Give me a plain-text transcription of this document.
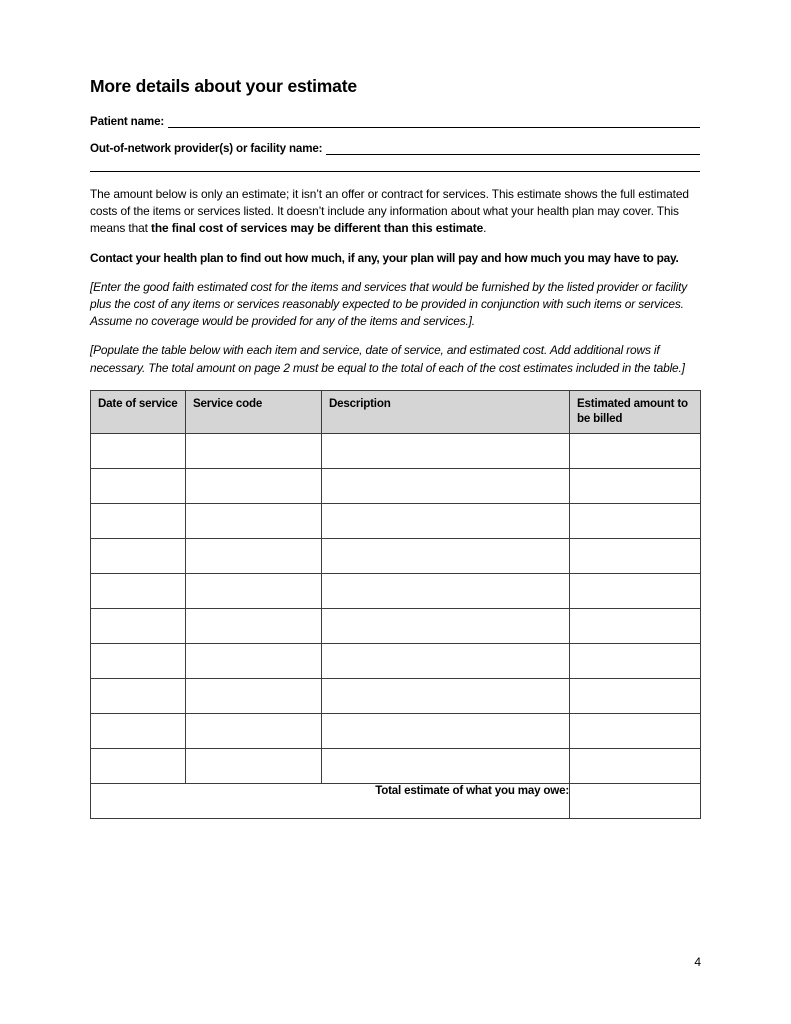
More details about your estimate
Patient name:
Out-of-network provider(s) or facility name:

The amount below is only an estimate; it isn’t an offer or contract for services. This estimate shows the full estimated costs of the items or services listed. It doesn’t include any information about what your health plan may cover. This means that the final cost of services may be different than this estimate.

Contact your health plan to find out how much, if any, your plan will pay and how much you may have to pay.

[Enter the good faith estimated cost for the items and services that would be furnished by the listed provider or facility plus the cost of any items or services reasonably expected to be provided in conjunction with such items or services. Assume no coverage would be provided for any of the items and services.].

[Populate the table below with each item and service, date of service, and estimated cost. Add additional rows if necessary. The total amount on page 2 must be equal to the total of each of the cost estimates included in the table.]

Date of service	Service code	Description	Estimated amount to be billed

Total estimate of what you may owe:			
4
